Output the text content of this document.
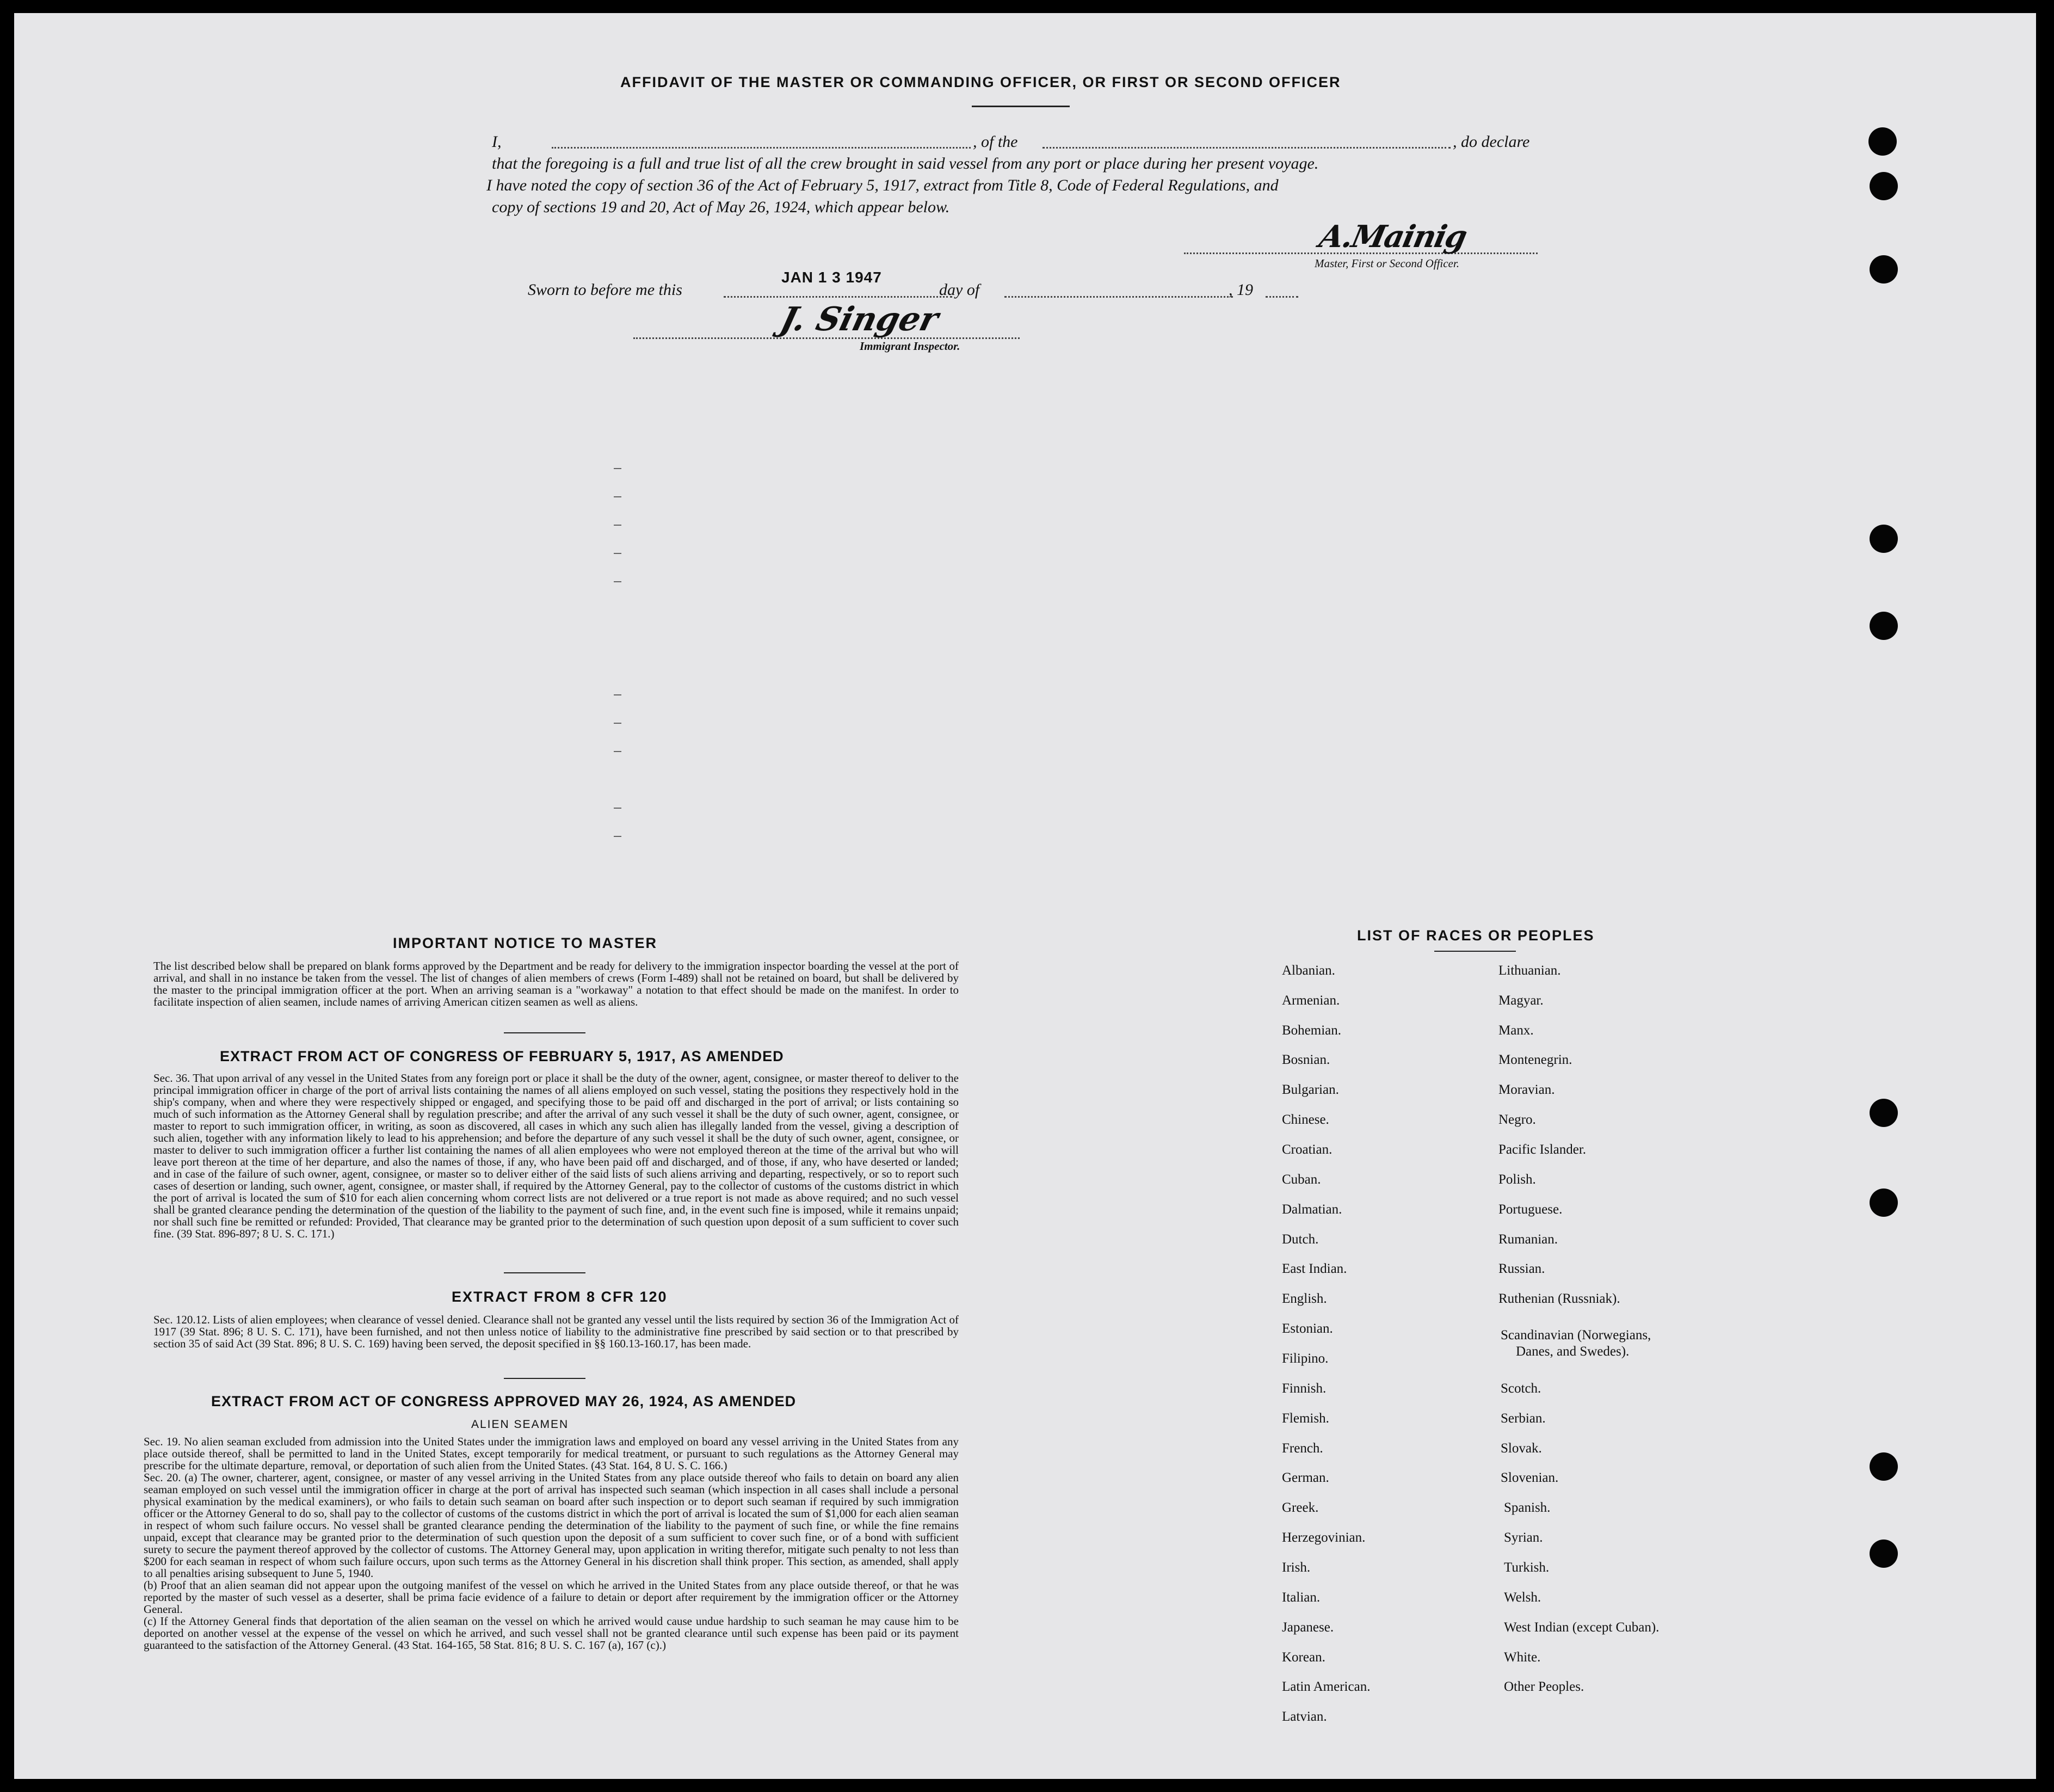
AFFIDAVIT OF THE MASTER OR COMMANDING OFFICER, OR FIRST OR SECOND OFFICER
I,	, of the	, do declare
that the foregoing is a full and true list of all the crew brought in said vessel from any port or place during her present voyage.
I have noted the copy of section 36 of the Act of February 5, 1917, extract from Title 8, Code of Federal Regulations, and
copy of sections 19 and 20, Act of May 26, 1924, which appear below.
A.Mainig
Master, First or Second Officer.
Sworn to before me this
JAN 1 3 1947
day of	, 19
J. Singer
Immigrant Inspector.
IMPORTANT NOTICE TO MASTER
The list described below shall be prepared on blank forms approved by the Department and be ready for delivery to the immigration inspector boarding the vessel at the port of arrival, and shall in no instance be taken from the vessel. The list of changes of alien members of crews (Form I-489) shall not be retained on board, but shall be delivered by the master to the principal immigration officer at the port. When an arriving seaman is a "workaway" a notation to that effect should be made on the manifest. In order to facilitate inspection of alien seamen, include names of arriving American citizen seamen as well as aliens.
EXTRACT FROM ACT OF CONGRESS OF FEBRUARY 5, 1917, AS AMENDED
Sec. 36. That upon arrival of any vessel in the United States from any foreign port or place it shall be the duty of the owner, agent, consignee, or master thereof to deliver to the principal immigration officer in charge of the port of arrival lists containing the names of all aliens employed on such vessel, stating the positions they respectively hold in the ship's company, when and where they were respectively shipped or engaged, and specifying those to be paid off and discharged in the port of arrival; or lists containing so much of such information as the Attorney General shall by regulation prescribe; and after the arrival of any such vessel it shall be the duty of such owner, agent, consignee, or master to report to such immigration officer, in writing, as soon as discovered, all cases in which any such alien has illegally landed from the vessel, giving a description of such alien, together with any information likely to lead to his apprehension; and before the departure of any such vessel it shall be the duty of such owner, agent, consignee, or master to deliver to such immigration officer a further list containing the names of all alien employees who were not employed thereon at the time of the arrival but who will leave port thereon at the time of her departure, and also the names of those, if any, who have been paid off and discharged, and of those, if any, who have deserted or landed; and in case of the failure of such owner, agent, consignee, or master so to deliver either of the said lists of such aliens arriving and departing, respectively, or so to report such cases of desertion or landing, such owner, agent, consignee, or master shall, if required by the Attorney General, pay to the collector of customs of the customs district in which the port of arrival is located the sum of $10 for each alien concerning whom correct lists are not delivered or a true report is not made as above required; and no such vessel shall be granted clearance pending the determination of the question of the liability to the payment of such fine, and, in the event such fine is imposed, while it remains unpaid; nor shall such fine be remitted or refunded: Provided, That clearance may be granted prior to the determination of such question upon deposit of a sum sufficient to cover such fine. (39 Stat. 896-897; 8 U. S. C. 171.)
EXTRACT FROM 8 CFR 120
Sec. 120.12. Lists of alien employees; when clearance of vessel denied. Clearance shall not be granted any vessel until the lists required by section 36 of the Immigration Act of 1917 (39 Stat. 896; 8 U. S. C. 171), have been furnished, and not then unless notice of liability to the administrative fine prescribed by said section or to that prescribed by section 35 of said Act (39 Stat. 896; 8 U. S. C. 169) having been served, the deposit specified in §§ 160.13-160.17, has been made.
EXTRACT FROM ACT OF CONGRESS APPROVED MAY 26, 1924, AS AMENDED
ALIEN SEAMEN
Sec. 19. No alien seaman excluded from admission into the United States under the immigration laws and employed on board any vessel arriving in the United States from any place outside thereof, shall be permitted to land in the United States, except temporarily for medical treatment, or pursuant to such regulations as the Attorney General may prescribe for the ultimate departure, removal, or deportation of such alien from the United States. (43 Stat. 164, 8 U. S. C. 166.)
Sec. 20. (a) The owner, charterer, agent, consignee, or master of any vessel arriving in the United States from any place outside thereof who fails to detain on board any alien seaman employed on such vessel until the immigration officer in charge at the port of arrival has inspected such seaman (which inspection in all cases shall include a personal physical examination by the medical examiners), or who fails to detain such seaman on board after such inspection or to deport such seaman if required by such immigration officer or the Attorney General to do so, shall pay to the collector of customs of the customs district in which the port of arrival is located the sum of $1,000 for each alien seaman in respect of whom such failure occurs. No vessel shall be granted clearance pending the determination of the liability to the payment of such fine, or while the fine remains unpaid, except that clearance may be granted prior to the determination of such question upon the deposit of a sum sufficient to cover such fine, or of a bond with sufficient surety to secure the payment thereof approved by the collector of customs. The Attorney General may, upon application in writing therefor, mitigate such penalty to not less than $200 for each seaman in respect of whom such failure occurs, upon such terms as the Attorney General in his discretion shall think proper. This section, as amended, shall apply to all penalties arising subsequent to June 5, 1940.
(b) Proof that an alien seaman did not appear upon the outgoing manifest of the vessel on which he arrived in the United States from any place outside thereof, or that he was reported by the master of such vessel as a deserter, shall be prima facie evidence of a failure to detain or deport after requirement by the immigration officer or the Attorney General.
(c) If the Attorney General finds that deportation of the alien seaman on the vessel on which he arrived would cause undue hardship to such seaman he may cause him to be deported on another vessel at the expense of the vessel on which he arrived, and such vessel shall not be granted clearance until such expense has been paid or its payment guaranteed to the satisfaction of the Attorney General. (43 Stat. 164-165, 58 Stat. 816; 8 U. S. C. 167 (a), 167 (c).)
LIST OF RACES OR PEOPLES
Albanian.
Armenian.
Bohemian.
Bosnian.
Bulgarian.
Chinese.
Croatian.
Cuban.
Dalmatian.
Dutch.
East Indian.
English.
Estonian.
Filipino.
Finnish.
Flemish.
French.
German.
Greek.
Herzegovinian.
Irish.
Italian.
Japanese.
Korean.
Latin American.
Latvian.
Lithuanian.
Magyar.
Manx.
Montenegrin.
Moravian.
Negro.
Pacific Islander.
Polish.
Portuguese.
Rumanian.
Russian.
Ruthenian (Russniak).
Scandinavian (Norwegians,
Danes, and Swedes).
Scotch.
Serbian.
Slovak.
Slovenian.
Spanish.
Syrian.
Turkish.
Welsh.
West Indian (except Cuban).
White.
Other Peoples.
